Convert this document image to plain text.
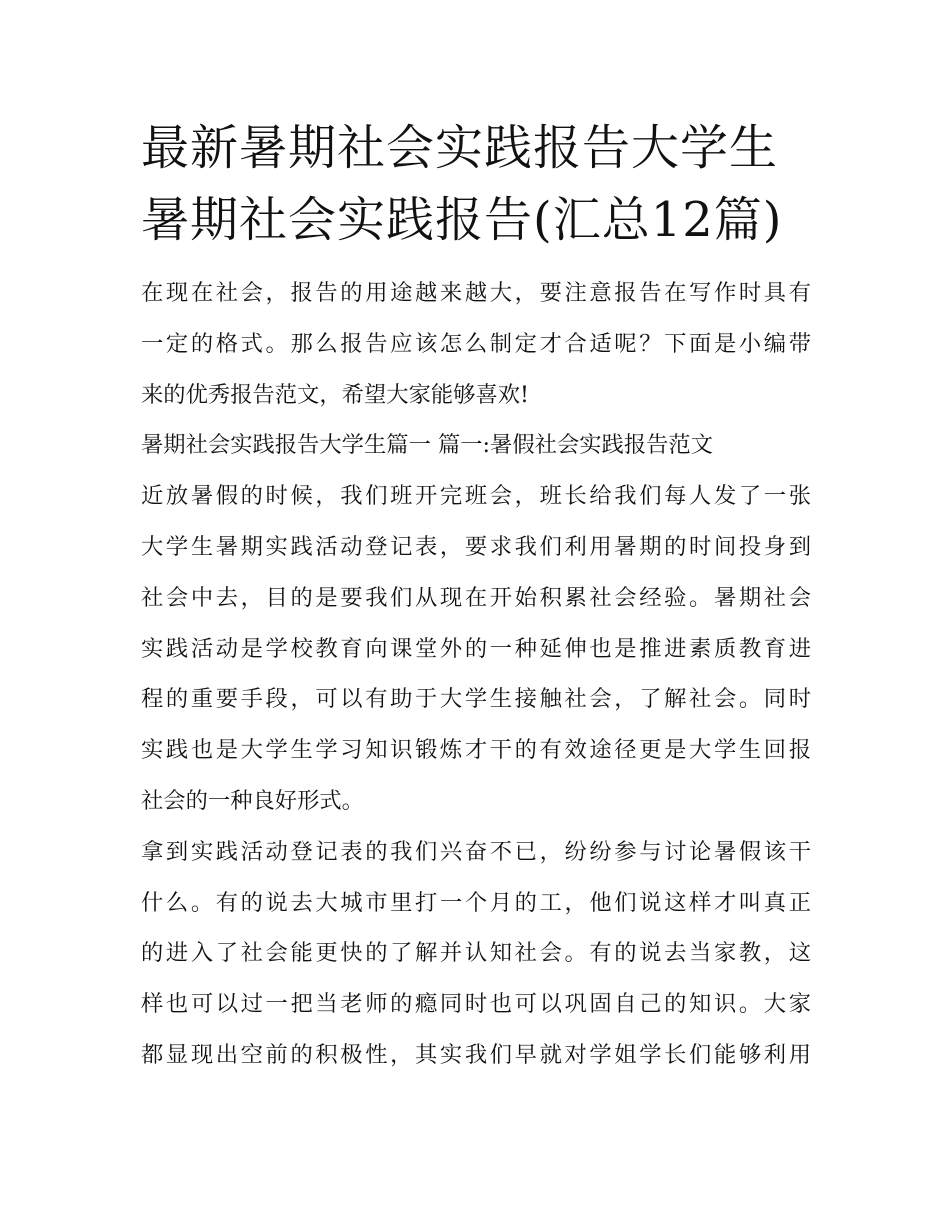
最新暑期社会实践报告大学生
暑期社会实践报告(汇总12篇)

在现在社会，报告的用途越来越大，要注意报告在写作时具有
一定的格式。那么报告应该怎么制定才合适呢？下面是小编带
来的优秀报告范文，希望大家能够喜欢!

暑期社会实践报告大学生篇一 篇一:暑假社会实践报告范文

近放暑假的时候，我们班开完班会，班长给我们每人发了一张
大学生暑期实践活动登记表，要求我们利用暑期的时间投身到
社会中去，目的是要我们从现在开始积累社会经验。暑期社会
实践活动是学校教育向课堂外的一种延伸也是推进素质教育进
程的重要手段，可以有助于大学生接触社会，了解社会。同时
实践也是大学生学习知识锻炼才干的有效途径更是大学生回报
社会的一种良好形式。

拿到实践活动登记表的我们兴奋不已，纷纷参与讨论暑假该干
什么。有的说去大城市里打一个月的工，他们说这样才叫真正
的进入了社会能更快的了解并认知社会。有的说去当家教，这
样也可以过一把当老师的瘾同时也可以巩固自己的知识。大家
都显现出空前的积极性，其实我们早就对学姐学长们能够利用
